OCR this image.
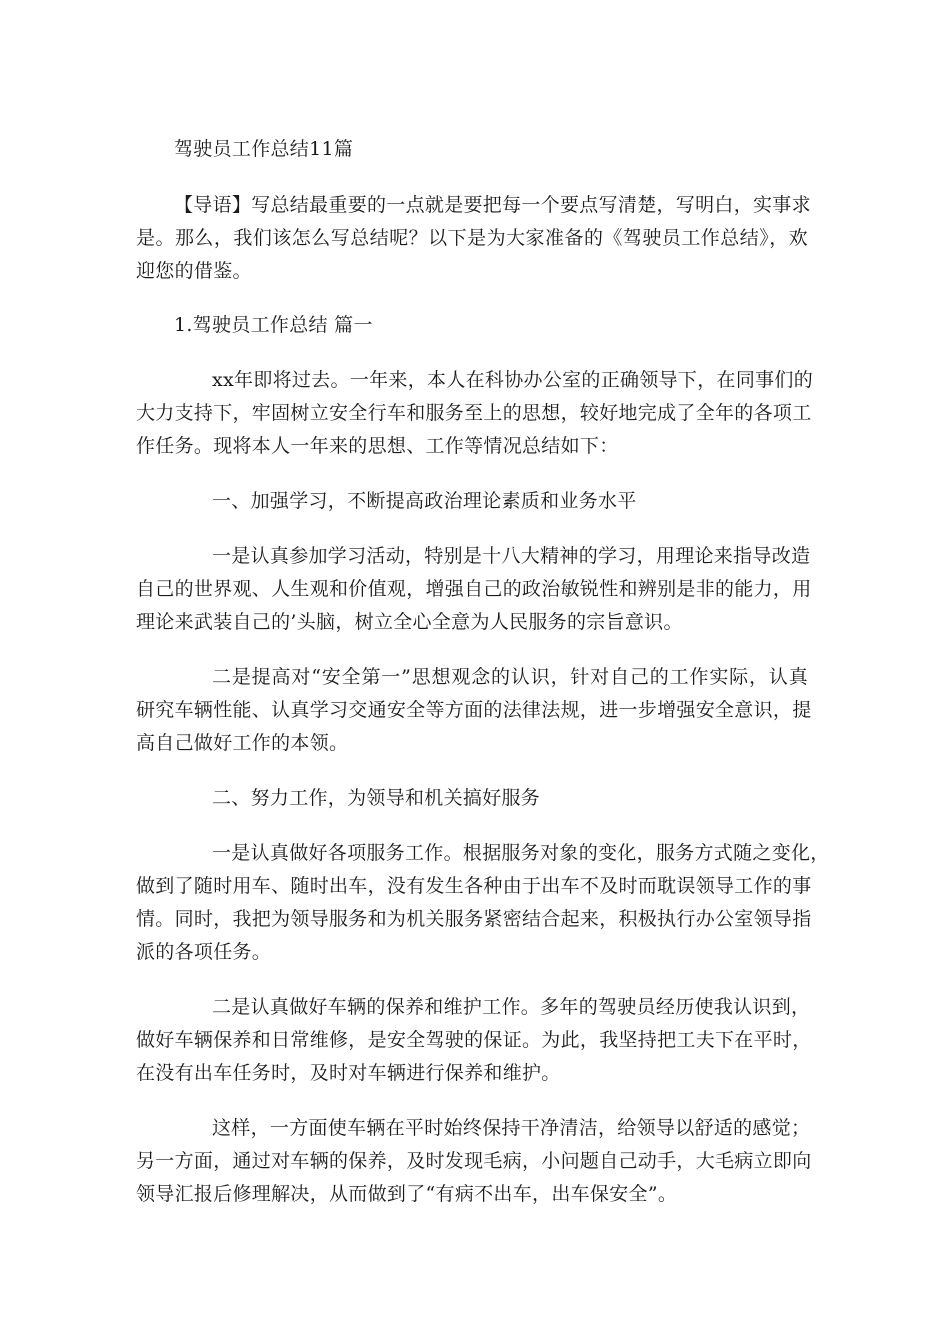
驾驶员工作总结11篇
【导语】写总结最重要的一点就是要把每一个要点写清楚，写明白，实事求
是。那么，我们该怎么写总结呢？以下是为大家准备的《驾驶员工作总结》，欢
迎您的借鉴。
1.驾驶员工作总结 篇一
xx年即将过去。一年来，本人在科协办公室的正确领导下，在同事们的
大力支持下，牢固树立安全行车和服务至上的思想，较好地完成了全年的各项工
作任务。现将本人一年来的思想、工作等情况总结如下：
一、加强学习，不断提高政治理论素质和业务水平
一是认真参加学习活动，特别是十八大精神的学习，用理论来指导改造
自己的世界观、人生观和价值观，增强自己的政治敏锐性和辨别是非的能力，用
理论来武装自己的’头脑，树立全心全意为人民服务的宗旨意识。
二是提高对“安全第一”思想观念的认识，针对自己的工作实际，认真
研究车辆性能、认真学习交通安全等方面的法律法规，进一步增强安全意识，提
高自己做好工作的本领。
二、努力工作，为领导和机关搞好服务
一是认真做好各项服务工作。根据服务对象的变化，服务方式随之变化，
做到了随时用车、随时出车，没有发生各种由于出车不及时而耽误领导工作的事
情。同时，我把为领导服务和为机关服务紧密结合起来，积极执行办公室领导指
派的各项任务。
二是认真做好车辆的保养和维护工作。多年的驾驶员经历使我认识到，
做好车辆保养和日常维修，是安全驾驶的保证。为此，我坚持把工夫下在平时，
在没有出车任务时，及时对车辆进行保养和维护。
这样，一方面使车辆在平时始终保持干净清洁，给领导以舒适的感觉；
另一方面，通过对车辆的保养，及时发现毛病，小问题自己动手，大毛病立即向
领导汇报后修理解决，从而做到了“有病不出车，出车保安全”。
